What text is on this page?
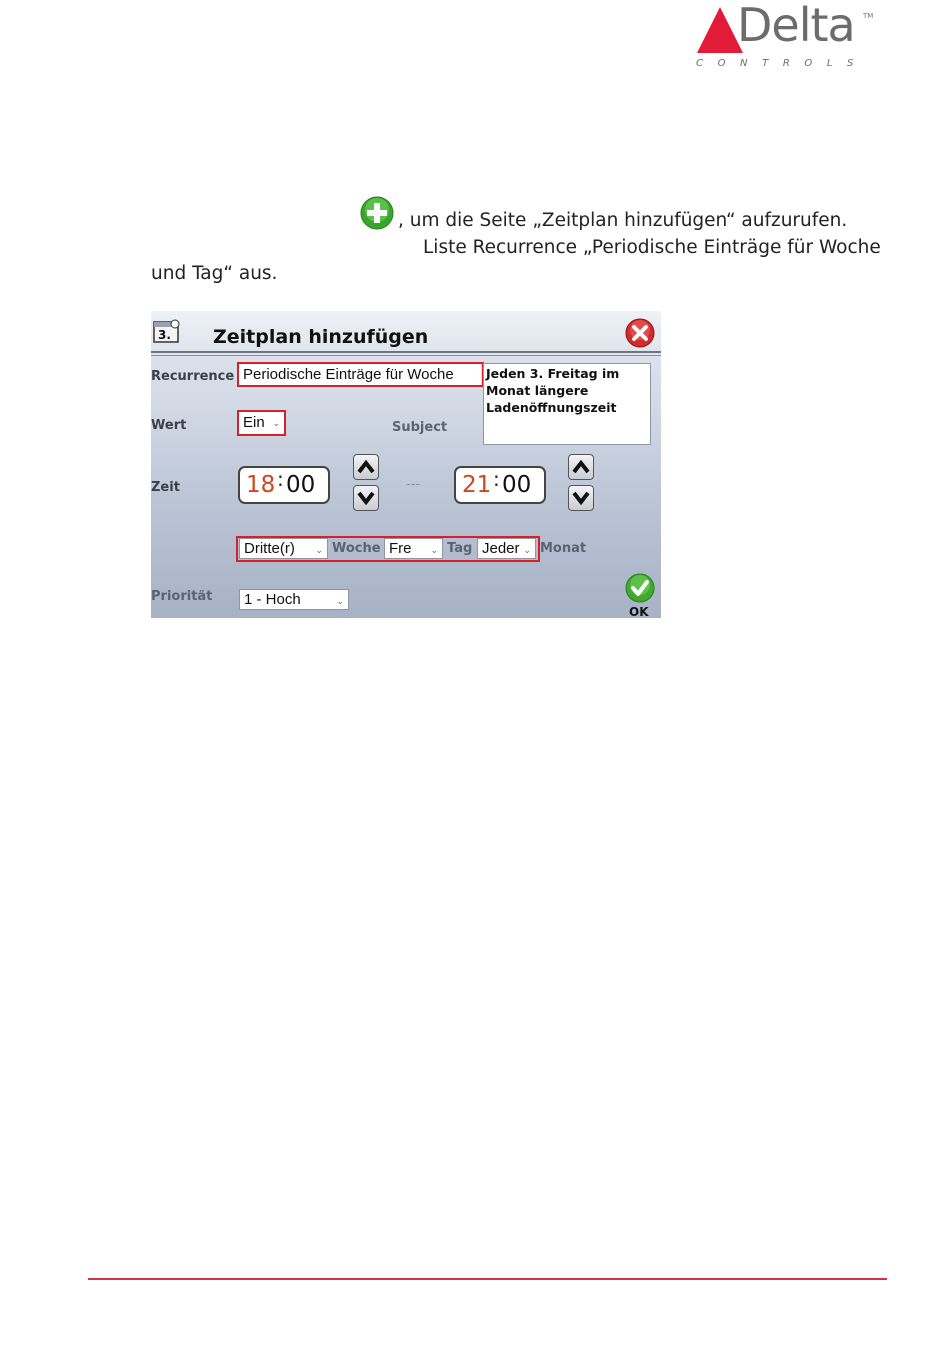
Delta TM
CONTROLS
, um die Seite „Zeitplan hinzufügen“ aufzurufen.
Liste Recurrence „Periodische Einträge für Woche
und Tag“ aus.
3. Zeitplan hinzufügen
Recurrence Periodische Einträge für Woche	Jeden 3. Freitag im Monat längere Ladenöffnungszeit
Subject
Wert	Ein ⌄
Zeit	18 : 00	--- 21 : 00
Dritte(r) ⌄ Woche Fre ⌄ Tag Jeder ⌄ Monat
Priorität	1 - Hoch	⌄
OK
